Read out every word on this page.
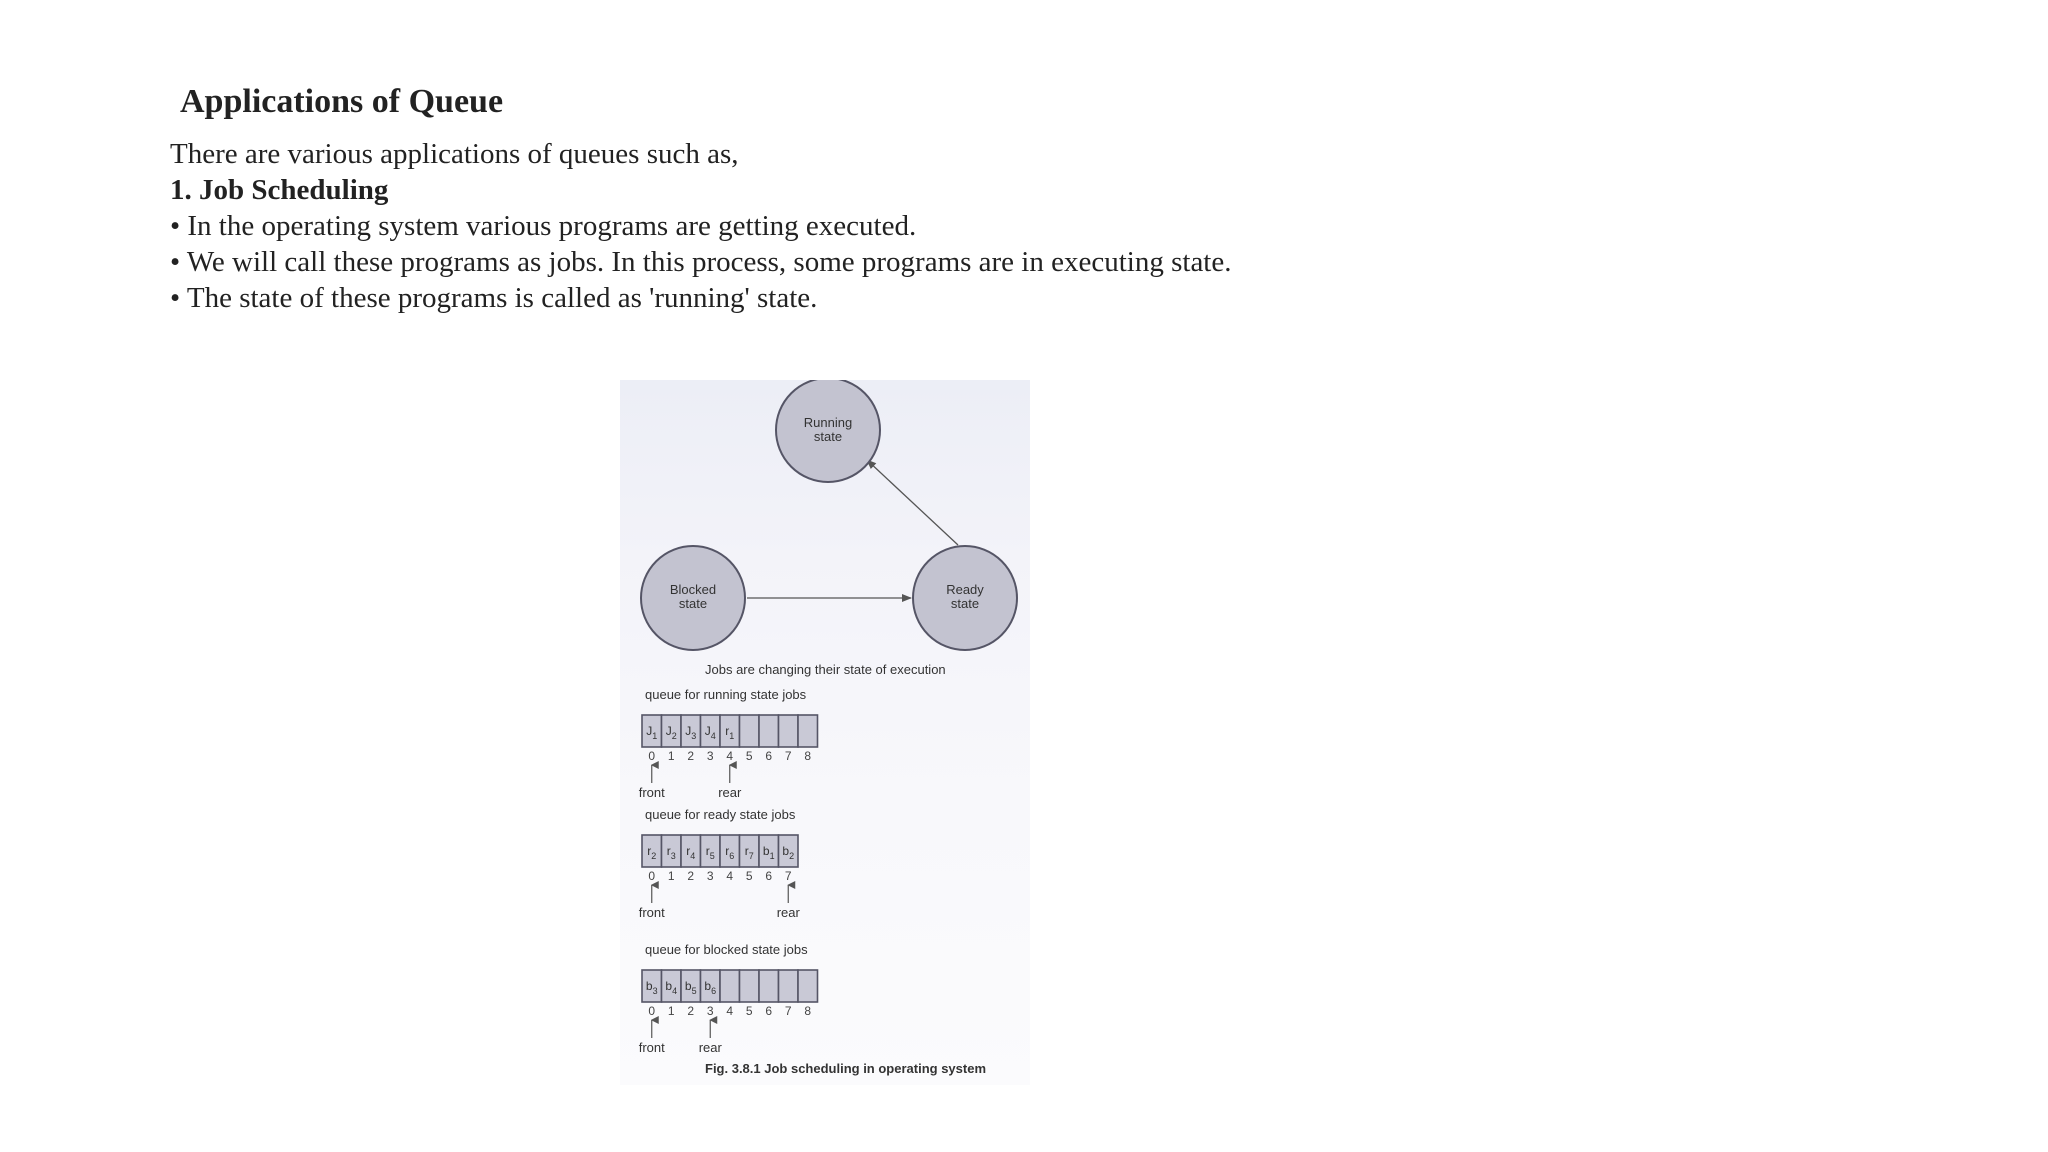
Applications of Queue
There are various applications of queues such as,
1. Job Scheduling
• In the operating system various programs are getting executed.
• We will call these programs as jobs. In this process, some programs are in executing state.
• The state of these programs is called as 'running' state.
Running
state
Blocked
state
Ready
state
Jobs are changing their state of execution
queue for running state jobs
$J_1$ $J_2$ $J_3$ $J_4$ $r_1$
0 1 2 3 4 5 6 7 8
front	rear
queue for ready state jobs
$r_2$ $r_3$ $r_4$ $r_5$ $r_6$ $r_7$ $b_1$ $b_2$
0 1 2 3 4 5 6 7
front	rear
queue for blocked state jobs
$b_3$ $b_4$ $b_5$ $b_6$
0 1 2 3 4 5 6 7 8
front	rear
Fig. 3.8.1 Job scheduling in operating system
